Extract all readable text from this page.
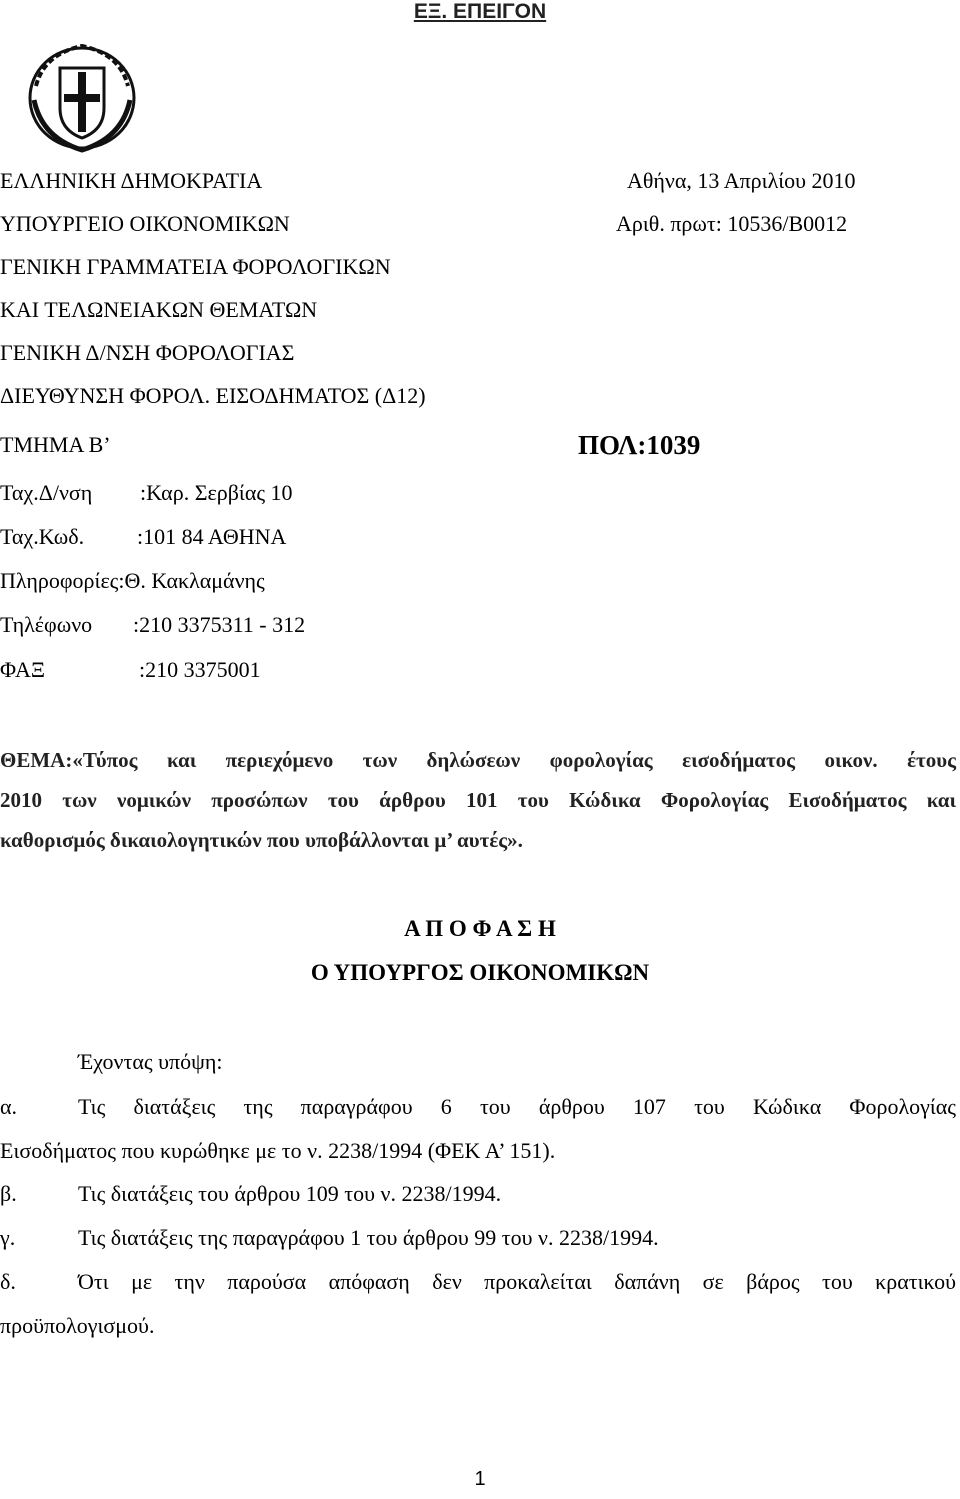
ΕΞ. ΕΠΕΙΓΟΝ
ΕΛΛΗΝΙΚΗ ΔΗΜΟΚΡΑΤΙΑ
ΥΠΟΥΡΓΕΙΟ ΟΙΚΟΝΟΜΙΚΩΝ
ΓΕΝΙΚΗ ΓΡΑΜΜΑΤΕΙΑ ΦΟΡΟΛΟΓΙΚΩΝ
ΚΑΙ ΤΕΛΩΝΕΙΑΚΩΝ ΘΕΜΑΤΩΝ
ΓΕΝΙΚΗ Δ/ΝΣΗ ΦΟΡΟΛΟΓΙΑΣ
ΔΙΕΥΘΥΝΣΗ ΦΟΡΟΛ. ΕΙΣΟΔΗΜΑΤΟΣ (Δ12)
ΤΜΗΜΑ Β’
Αθήνα, 13 Απριλίου 2010
Αριθ. πρωτ: 10536/Β0012
ΠΟΛ:1039
Ταχ.Δ/νση :Καρ. Σερβίας 10
Ταχ.Κωδ. :101 84 ΑΘΗΝΑ
Πληροφορίες:Θ. Κακλαμάνης
Τηλέφωνο :210 3375311 - 312
ΦΑΞ	:210 3375001
ΘΕΜΑ:«Τύπος και περιεχόμενο των δηλώσεων φορολογίας εισοδήματος οικον. έτους
2010 των νομικών προσώπων του άρθρου 101 του Κώδικα Φορολογίας Εισοδήματος και
καθορισμός δικαιολογητικών που υποβάλλονται μ’ αυτές».
Α Π Ο Φ Α Σ Η
Ο ΥΠΟΥΡΓΟΣ ΟΙΚΟΝΟΜΙΚΩΝ
Έχοντας υπόψη:
α.	Τις διατάξεις της παραγράφου 6 του άρθρου 107 του Κώδικα Φορολογίας
Εισοδήματος που κυρώθηκε με το ν. 2238/1994 (ΦΕΚ Α’ 151).
β.	Τις διατάξεις του άρθρου 109 του ν. 2238/1994.
γ.	Τις διατάξεις της παραγράφου 1 του άρθρου 99 του ν. 2238/1994.
δ.	Ότι με την παρούσα απόφαση δεν προκαλείται δαπάνη σε βάρος του κρατικού
προϋπολογισμού.
1
